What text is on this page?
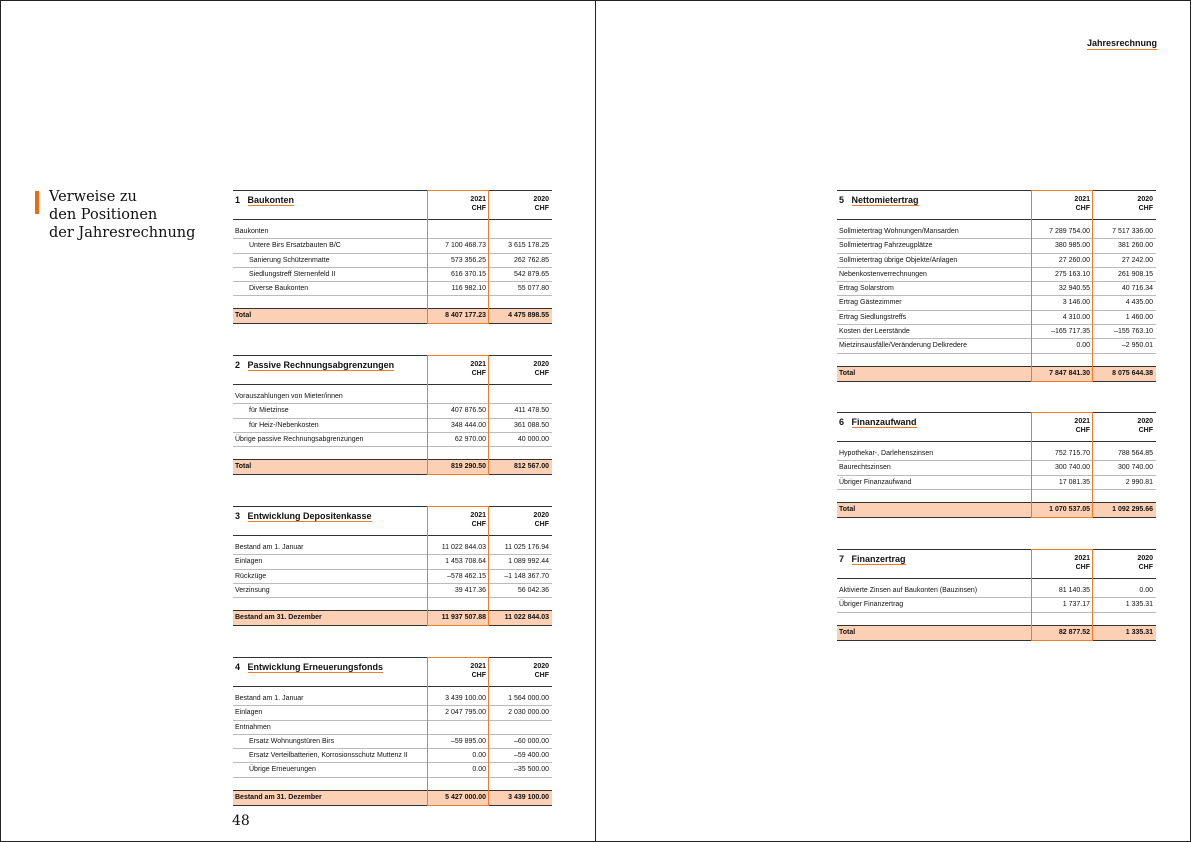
Verweise zu
den Positionen
der Jahresrechnung
48
Jahresrechnung
1 Baukonten	2021
CHF
2020
CHF
Baukonten
Untere Birs Ersatzbauten B/C	7 100 468.73	3 615 178.25
Sanierung Schützenmatte	573 356.25	262 762.85
Siedlungstreff Sternenfeld II	616 370.15	542 879.65
Diverse Baukonten	116 982.10	55 077.80
Total	8 407 177.23	4 475 898.55
2 Passive Rechnungsabgrenzungen	2021
CHF
2020
CHF
Vorauszahlungen von Mieter/innen
für Mietzinse	407 876.50	411 478.50
für Heiz-/Nebenkosten	348 444.00	361 088.50
Übrige passive Rechnungsabgrenzungen	62 970.00	40 000.00
Total	819 290.50	812 567.00
3 Entwicklung Depositenkasse	2021
CHF
2020
CHF
Bestand am 1. Januar	11 022 844.03	11 025 176.94
Einlagen	1 453 708.64	1 089 992.44
Rückzüge	–578 462.15	–1 148 367.70
Verzinsung	39 417.36	56 042.36
Bestand am 31. Dezember	11 937 507.88	11 022 844.03
4 Entwicklung Erneuerungsfonds	2021
CHF
2020
CHF
Bestand am 1. Januar	3 439 100.00	1 564 000.00
Einlagen	2 047 795.00	2 030 000.00
Entnahmen
Ersatz Wohnungstüren Birs	–59 895.00	–60 000.00
Ersatz Verteilbatterien, Korrosionsschutz Muttenz II	0.00	–59 400.00
Übrige Erneuerungen	0.00	–35 500.00
Bestand am 31. Dezember	5 427 000.00	3 439 100.00
5 Nettomietertrag	2021
CHF
2020
CHF
Sollmietertrag Wohnungen/Mansarden	7 289 754.00	7 517 336.00
Sollmietertrag Fahrzeugplätze	380 985.00	381 260.00
Sollmietertrag übrige Objekte/Anlagen	27 260.00	27 242.00
Nebenkostenverrechnungen	275 163.10	261 908.15
Ertrag Solarstrom	32 940.55	40 716.34
Ertrag Gästezimmer	3 146.00	4 435.00
Ertrag Siedlungstreffs	4 310.00	1 460.00
Kosten der Leerstände	–165 717.35	–155 763.10
Mietzinsausfälle/Veränderung Delkredere	0.00	–2 950.01
Total	7 847 841.30	8 075 644.38
6 Finanzaufwand	2021
CHF
2020
CHF
Hypothekar-, Darlehenszinsen	752 715.70	788 564.85
Baurechtszinsen	300 740.00	300 740.00
Übriger Finanzaufwand	17 081.35	2 990.81
Total	1 070 537.05	1 092 295.66
7 Finanzertrag	2021
CHF
2020
CHF
Aktivierte Zinsen auf Baukonten (Bauzinsen)	81 140.35	0.00
Übriger Finanzertrag	1 737.17	1 335.31
Total	82 877.52	1 335.31
